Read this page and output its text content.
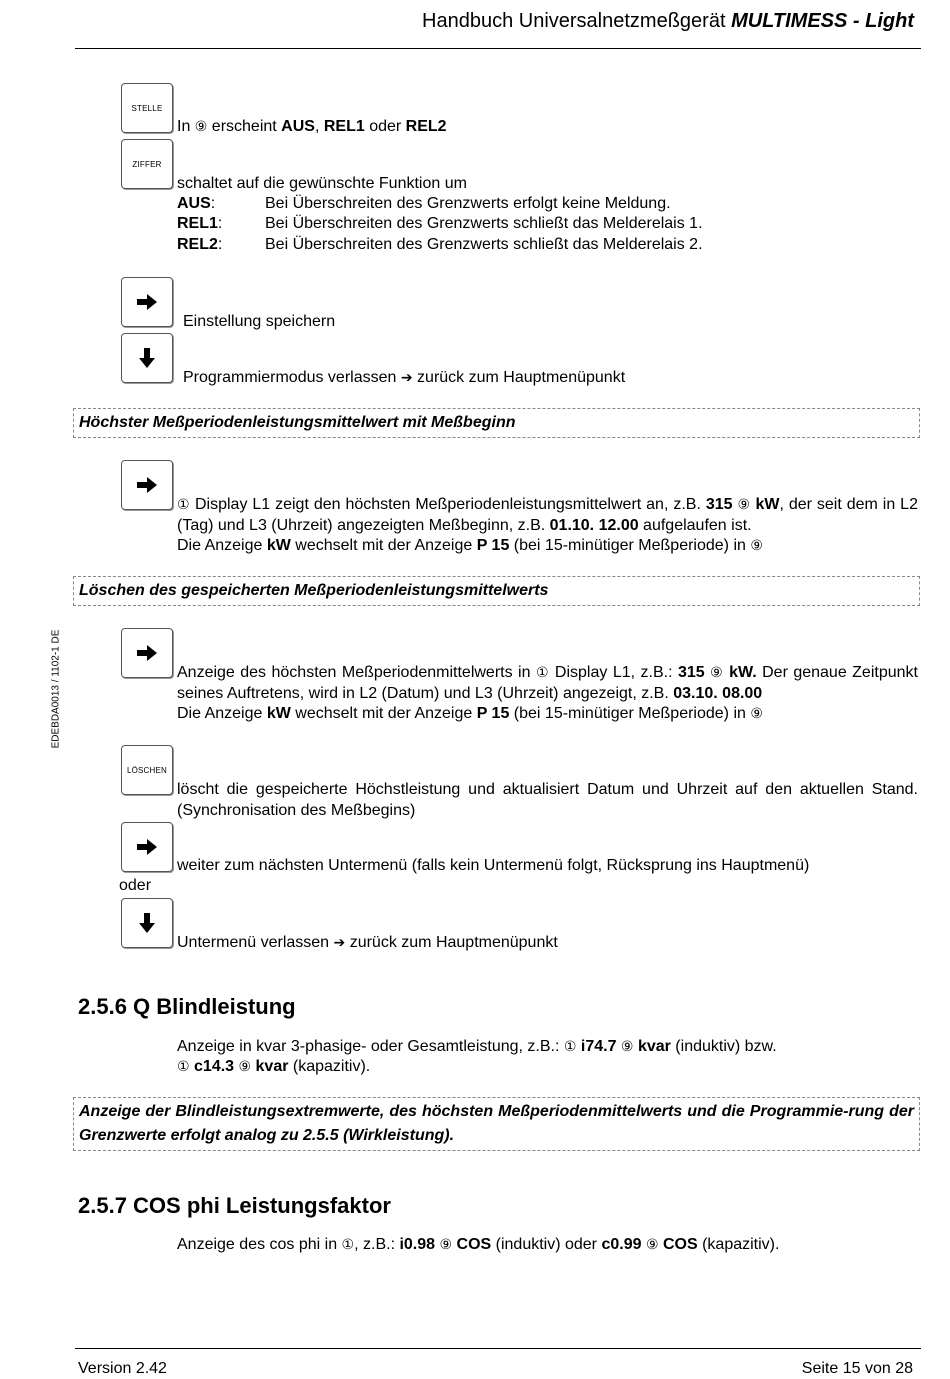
Handbuch Universalnetzmeßgerät MULTIMESS - Light
EDEBDA0013 / 1102-1 DE
STELLE
In ⑨ erscheint AUS, REL1 oder REL2
ZIFFER
schaltet auf die gewünschte Funktion um
AUS:	Bei Überschreiten des Grenzwerts erfolgt keine Meldung.
REL1:	Bei Überschreiten des Grenzwerts schließt das Melderelais 1.
REL2:	Bei Überschreiten des Grenzwerts schließt das Melderelais 2.
Einstellung speichern
Programmiermodus verlassen ➔ zurück zum Hauptmenüpunkt
Höchster Meßperiodenleistungsmittelwert mit Meßbeginn
① Display L1 zeigt den höchsten Meßperiodenleistungsmittelwert an, z.B. 315 ⑨ kW, der seit dem in L2 (Tag) und L3 (Uhrzeit) angezeigten Meßbeginn, z.B. 01.10. 12.00 aufgelaufen ist.
Die Anzeige kW wechselt mit der Anzeige P 15 (bei 15-minütiger Meßperiode) in ⑨
Löschen des gespeicherten Meßperiodenleistungsmittelwerts
Anzeige des höchsten Meßperiodenmittelwerts in ① Display L1, z.B.: 315 ⑨ kW. Der genaue Zeitpunkt seines Auftretens, wird in L2 (Datum) und L3 (Uhrzeit) angezeigt, z.B. 03.10. 08.00
Die Anzeige kW wechselt mit der Anzeige P 15 (bei 15-minütiger Meßperiode) in ⑨
LÖSCHEN
löscht die gespeicherte Höchstleistung und aktualisiert Datum und Uhrzeit auf den aktuellen Stand. (Synchronisation des Meßbegins)
weiter zum nächsten Untermenü (falls kein Untermenü folgt, Rücksprung ins Hauptmenü)
oder
Untermenü verlassen ➔ zurück zum Hauptmenüpunkt
2.5.6 Q Blindleistung
Anzeige in kvar 3-phasige- oder Gesamtleistung, z.B.: ① i74.7 ⑨ kvar (induktiv) bzw.
① c14.3 ⑨ kvar (kapazitiv).
Anzeige der Blindleistungsextremwerte, des höchsten Meßperiodenmittelwerts und die Programmie-rung der Grenzwerte erfolgt analog zu 2.5.5 (Wirkleistung).
2.5.7 COS phi Leistungsfaktor
Anzeige des cos phi in ①, z.B.: i0.98 ⑨ COS (induktiv) oder c0.99 ⑨ COS (kapazitiv).
Version 2.42	Seite 15 von 28
